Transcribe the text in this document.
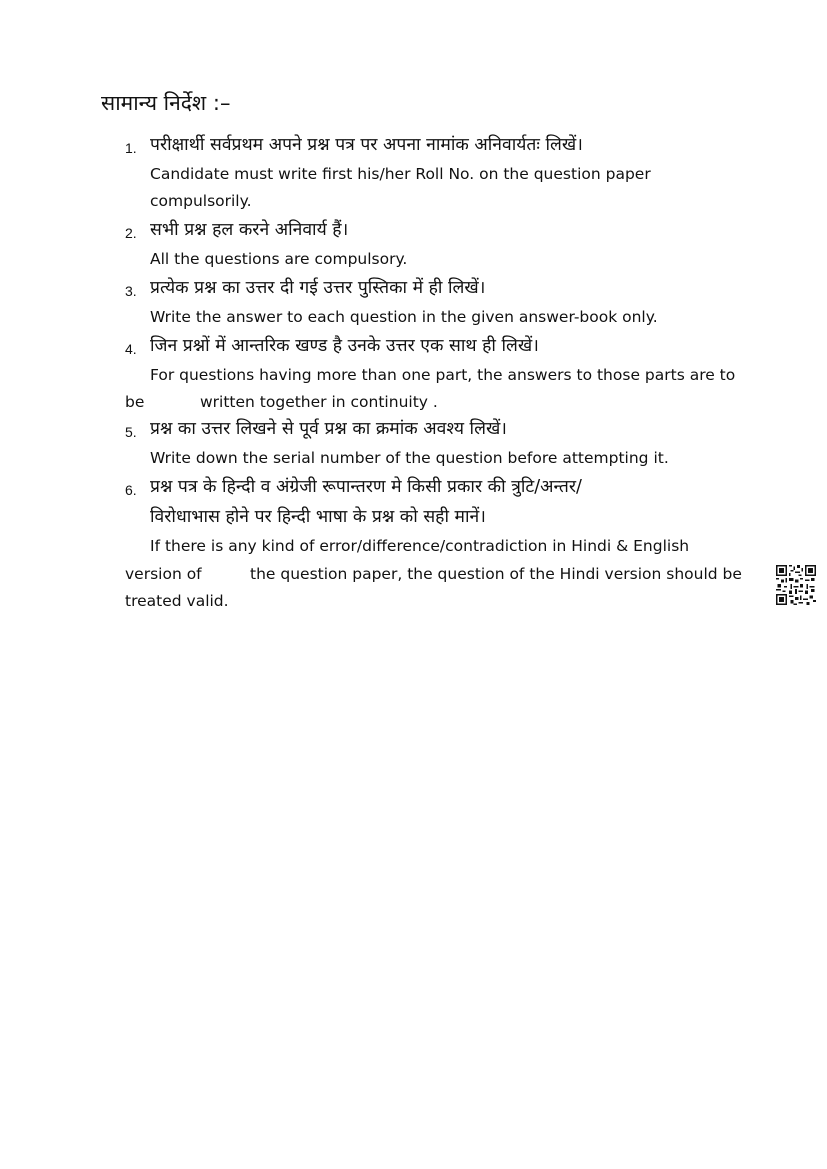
सामान्य निर्देश :–
1. परीक्षार्थी सर्वप्रथम अपने प्रश्न पत्र पर अपना नामांक अनिवार्यतः लिखें।
Candidate must write first his/her Roll No. on the question paper
compulsorily.
2. सभी प्रश्न हल करने अनिवार्य हैं।
All the questions are compulsory.
3. प्रत्येक प्रश्न का उत्तर दी गई उत्तर पुस्तिका में ही लिखें।
Write the answer to each question in the given answer-book only.
4. जिन प्रश्नों में आन्तरिक खण्ड है उनके उत्तर एक साथ ही लिखें।
For questions having more than one part, the answers to those parts are to
be	written together in continuity .
5. प्रश्न का उत्तर लिखने से पूर्व प्रश्न का क्रमांक अवश्य लिखें।
Write down the serial number of the question before attempting it.
6. प्रश्न पत्र के हिन्दी व अंग्रेजी रूपान्तरण मे किसी प्रकार की त्रुटि/अन्तर/
विरोधाभास होने पर हिन्दी भाषा के प्रश्न को सही मानें।
If there is any kind of error/difference/contradiction in Hindi & English
version of	the question paper, the question of the Hindi version should be
treated valid.
